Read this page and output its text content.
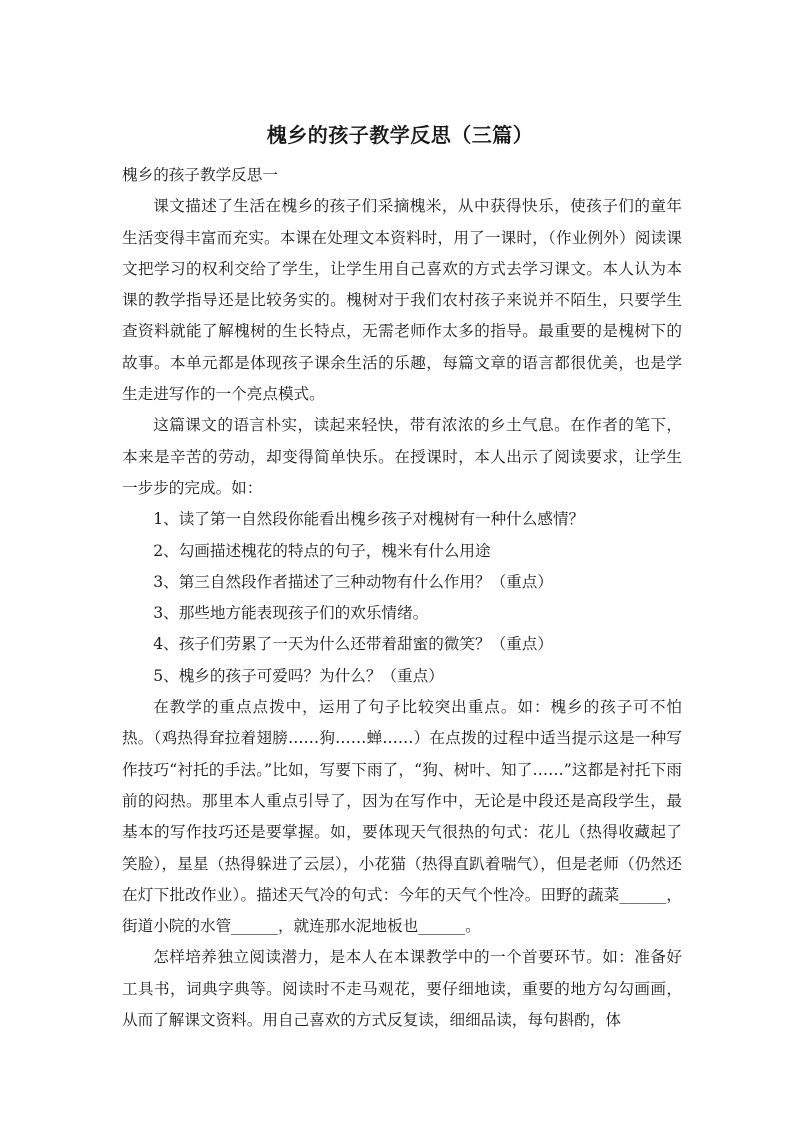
槐乡的孩子教学反思（三篇）

槐乡的孩子教学反思一

课文描述了生活在槐乡的孩子们采摘槐米，从中获得快乐，使孩子们的童年生活变得丰富而充实。本课在处理文本资料时，用了一课时，（作业例外）阅读课文把学习的权利交给了学生，让学生用自己喜欢的方式去学习课文。本人认为本课的教学指导还是比较务实的。槐树对于我们农村孩子来说并不陌生，只要学生查资料就能了解槐树的生长特点，无需老师作太多的指导。最重要的是槐树下的故事。本单元都是体现孩子课余生活的乐趣，每篇文章的语言都很优美，也是学生走进写作的一个亮点模式。

这篇课文的语言朴实，读起来轻快，带有浓浓的乡土气息。在作者的笔下，本来是辛苦的劳动，却变得简单快乐。在授课时，本人出示了阅读要求，让学生一步步的完成。如：

1、读了第一自然段你能看出槐乡孩子对槐树有一种什么感情？

2、勾画描述槐花的特点的句子，槐米有什么用途

3、第三自然段作者描述了三种动物有什么作用？（重点）

3、那些地方能表现孩子们的欢乐情绪。

4、孩子们劳累了一天为什么还带着甜蜜的微笑？（重点）

5、槐乡的孩子可爱吗？为什么？（重点）

在教学的重点点拨中，运用了句子比较突出重点。如：槐乡的孩子可不怕热。（鸡热得耷拉着翅膀……狗……蝉……）在点拨的过程中适当提示这是一种写作技巧“衬托的手法。”比如，写要下雨了，“狗、树叶、知了……”这都是衬托下雨前的闷热。那里本人重点引导了，因为在写作中，无论是中段还是高段学生，最基本的写作技巧还是要掌握。如，要体现天气很热的句式：花儿（热得收藏起了笑脸），星星（热得躲进了云层），小花猫（热得直趴着喘气），但是老师（仍然还在灯下批改作业）。描述天气冷的句式：今年的天气个性冷。田野的蔬菜______，街道小院的水管______，就连那水泥地板也______。

怎样培养独立阅读潜力，是本人在本课教学中的一个首要环节。如：准备好工具书，词典字典等。阅读时不走马观花，要仔细地读，重要的地方勾勾画画，从而了解课文资料。用自己喜欢的方式反复读，细细品读，每句斟酌，体
